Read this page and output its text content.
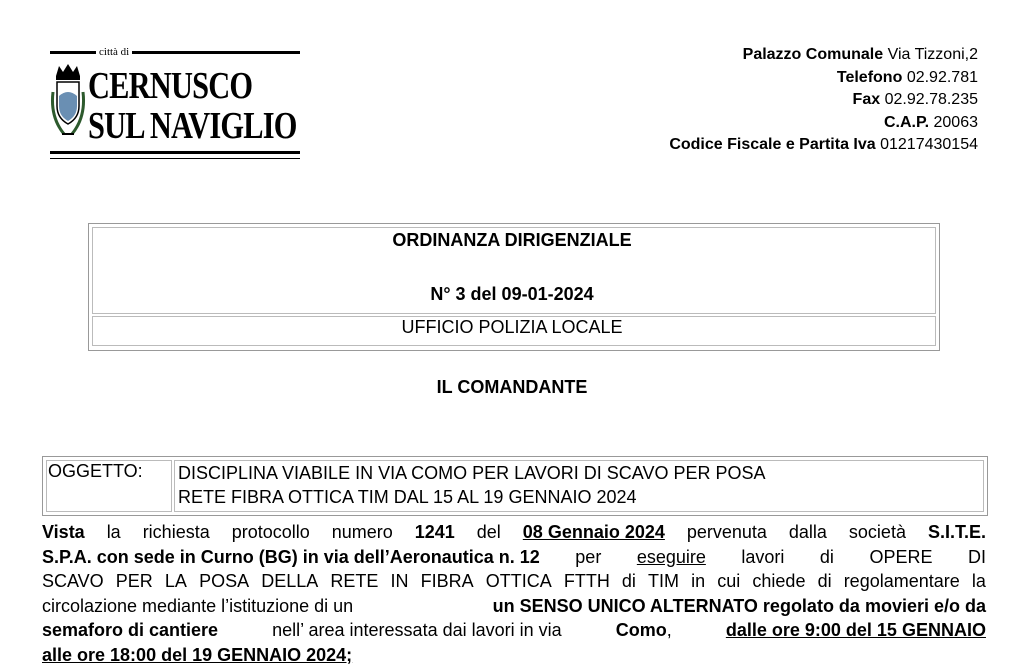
città di
CERNUSCO
SUL NAVIGLIO
Palazzo Comunale Via Tizzoni,2
Telefono 02.92.781
Fax 02.92.78.235
C.A.P. 20063
Codice Fiscale e Partita Iva 01217430154
ORDINANZA DIRIGENZIALE
N° 3 del 09-01-2024
UFFICIO POLIZIA LOCALE
IL COMANDANTE
OGGETTO: DISCIPLINA VIABILE IN VIA COMO PER LAVORI DI SCAVO PER POSA
RETE FIBRA OTTICA TIM DAL 15 AL 19 GENNAIO 2024
Vista la richiesta protocollo numero 1241 del 08 Gennaio 2024 pervenuta dalla società S.I.T.E.
S.P.A. con sede in Curno (BG) in via dell’Aeronautica n. 12 per eseguire lavori di OPERE DI
SCAVO PER LA POSA DELLA RETE IN FIBRA OTTICA FTTH di TIM in cui chiede di regolamentare la
circolazione mediante l’istituzione di un	un SENSO UNICO ALTERNATO regolato da movieri e/o da
semaforo di cantiere	nell’ area interessata dai lavori in via	Como,	dalle ore 9:00 del 15 GENNAIO
alle ore 18:00 del 19 GENNAIO 2024;
